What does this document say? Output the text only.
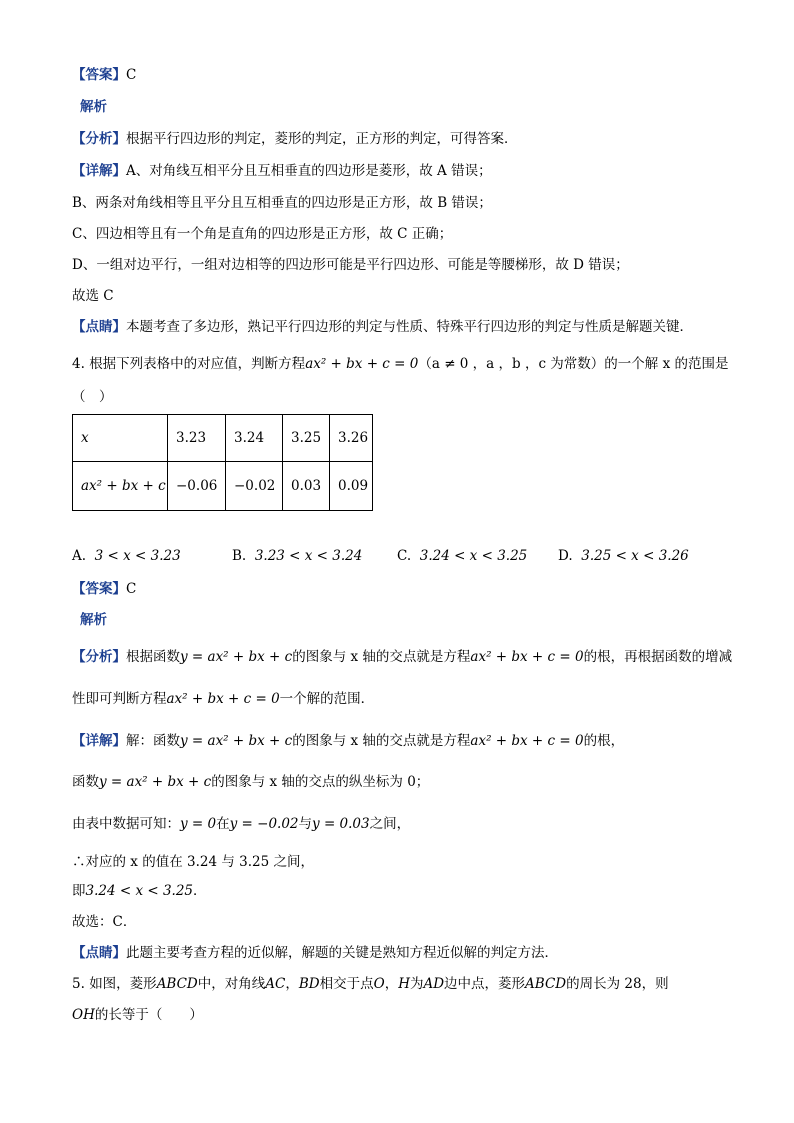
【答案】C
解析
【分析】根据平行四边形的判定，菱形的判定，正方形的判定，可得答案．
【详解】A、对角线互相平分且互相垂直的四边形是菱形，故 A 错误；
B、两条对角线相等且平分且互相垂直的四边形是正方形，故 B 错误；
C、四边相等且有一个角是直角的四边形是正方形，故 C 正确；
D、一组对边平行，一组对边相等的四边形可能是平行四边形、可能是等腰梯形，故 D 错误；
故选 C
【点睛】本题考查了多边形，熟记平行四边形的判定与性质、特殊平行四边形的判定与性质是解题关键．
4. 根据下列表格中的对应值，判断方程ax² + bx + c = 0（a ≠ 0 ，a ，b ，c 为常数）的一个解 x 的范围是
（　）
x	3.23	3.24	3.25	3.26
ax² + bx + c	−0.06	−0.02	0.03	0.09
A. 3 < x < 3.23	B. 3.23 < x < 3.24	C. 3.24 < x < 3.25 D. 3.25 < x < 3.26
【答案】C
解析
【分析】根据函数y = ax² + bx + c的图象与 x 轴的交点就是方程ax² + bx + c = 0的根，再根据函数的增减
性即可判断方程ax² + bx + c = 0一个解的范围．
【详解】解：函数y = ax² + bx + c的图象与 x 轴的交点就是方程ax² + bx + c = 0的根，
函数y = ax² + bx + c的图象与 x 轴的交点的纵坐标为 0；
由表中数据可知：y = 0在y = −0.02与y = 0.03之间，
∴对应的 x 的值在 3.24 与 3.25 之间，
即3.24 < x < 3.25．
故选：C．
【点睛】此题主要考查方程的近似解，解题的关键是熟知方程近似解的判定方法．
5. 如图，菱形ABCD中，对角线AC，BD相交于点O，H为AD边中点，菱形ABCD的周长为 28，则
OH的长等于（　　）
